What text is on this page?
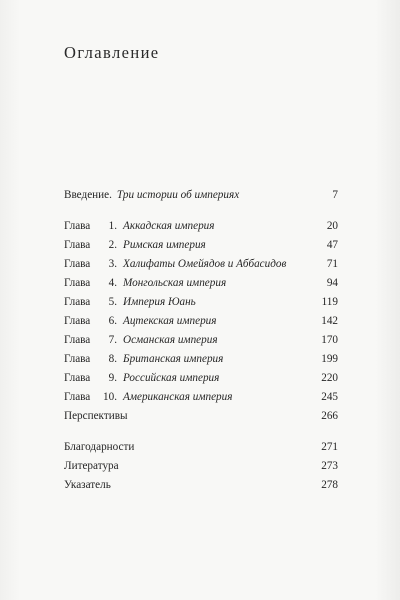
Оглавление
Введение. Три истории об империях	7
Глава 1. Аккадская империя	20
Глава 2. Римская империя	47
Глава 3. Халифаты Омейядов и Аббасидов	71
Глава 4. Монгольская империя	94
Глава 5. Империя Юань	119
Глава 6. Ацтекская империя	142
Глава 7. Османская империя	170
Глава 8. Британская империя	199
Глава 9. Российская империя	220
Глава 10. Американская империя	245
Перспективы	266
Благодарности	271
Литература	273
Указатель	278
